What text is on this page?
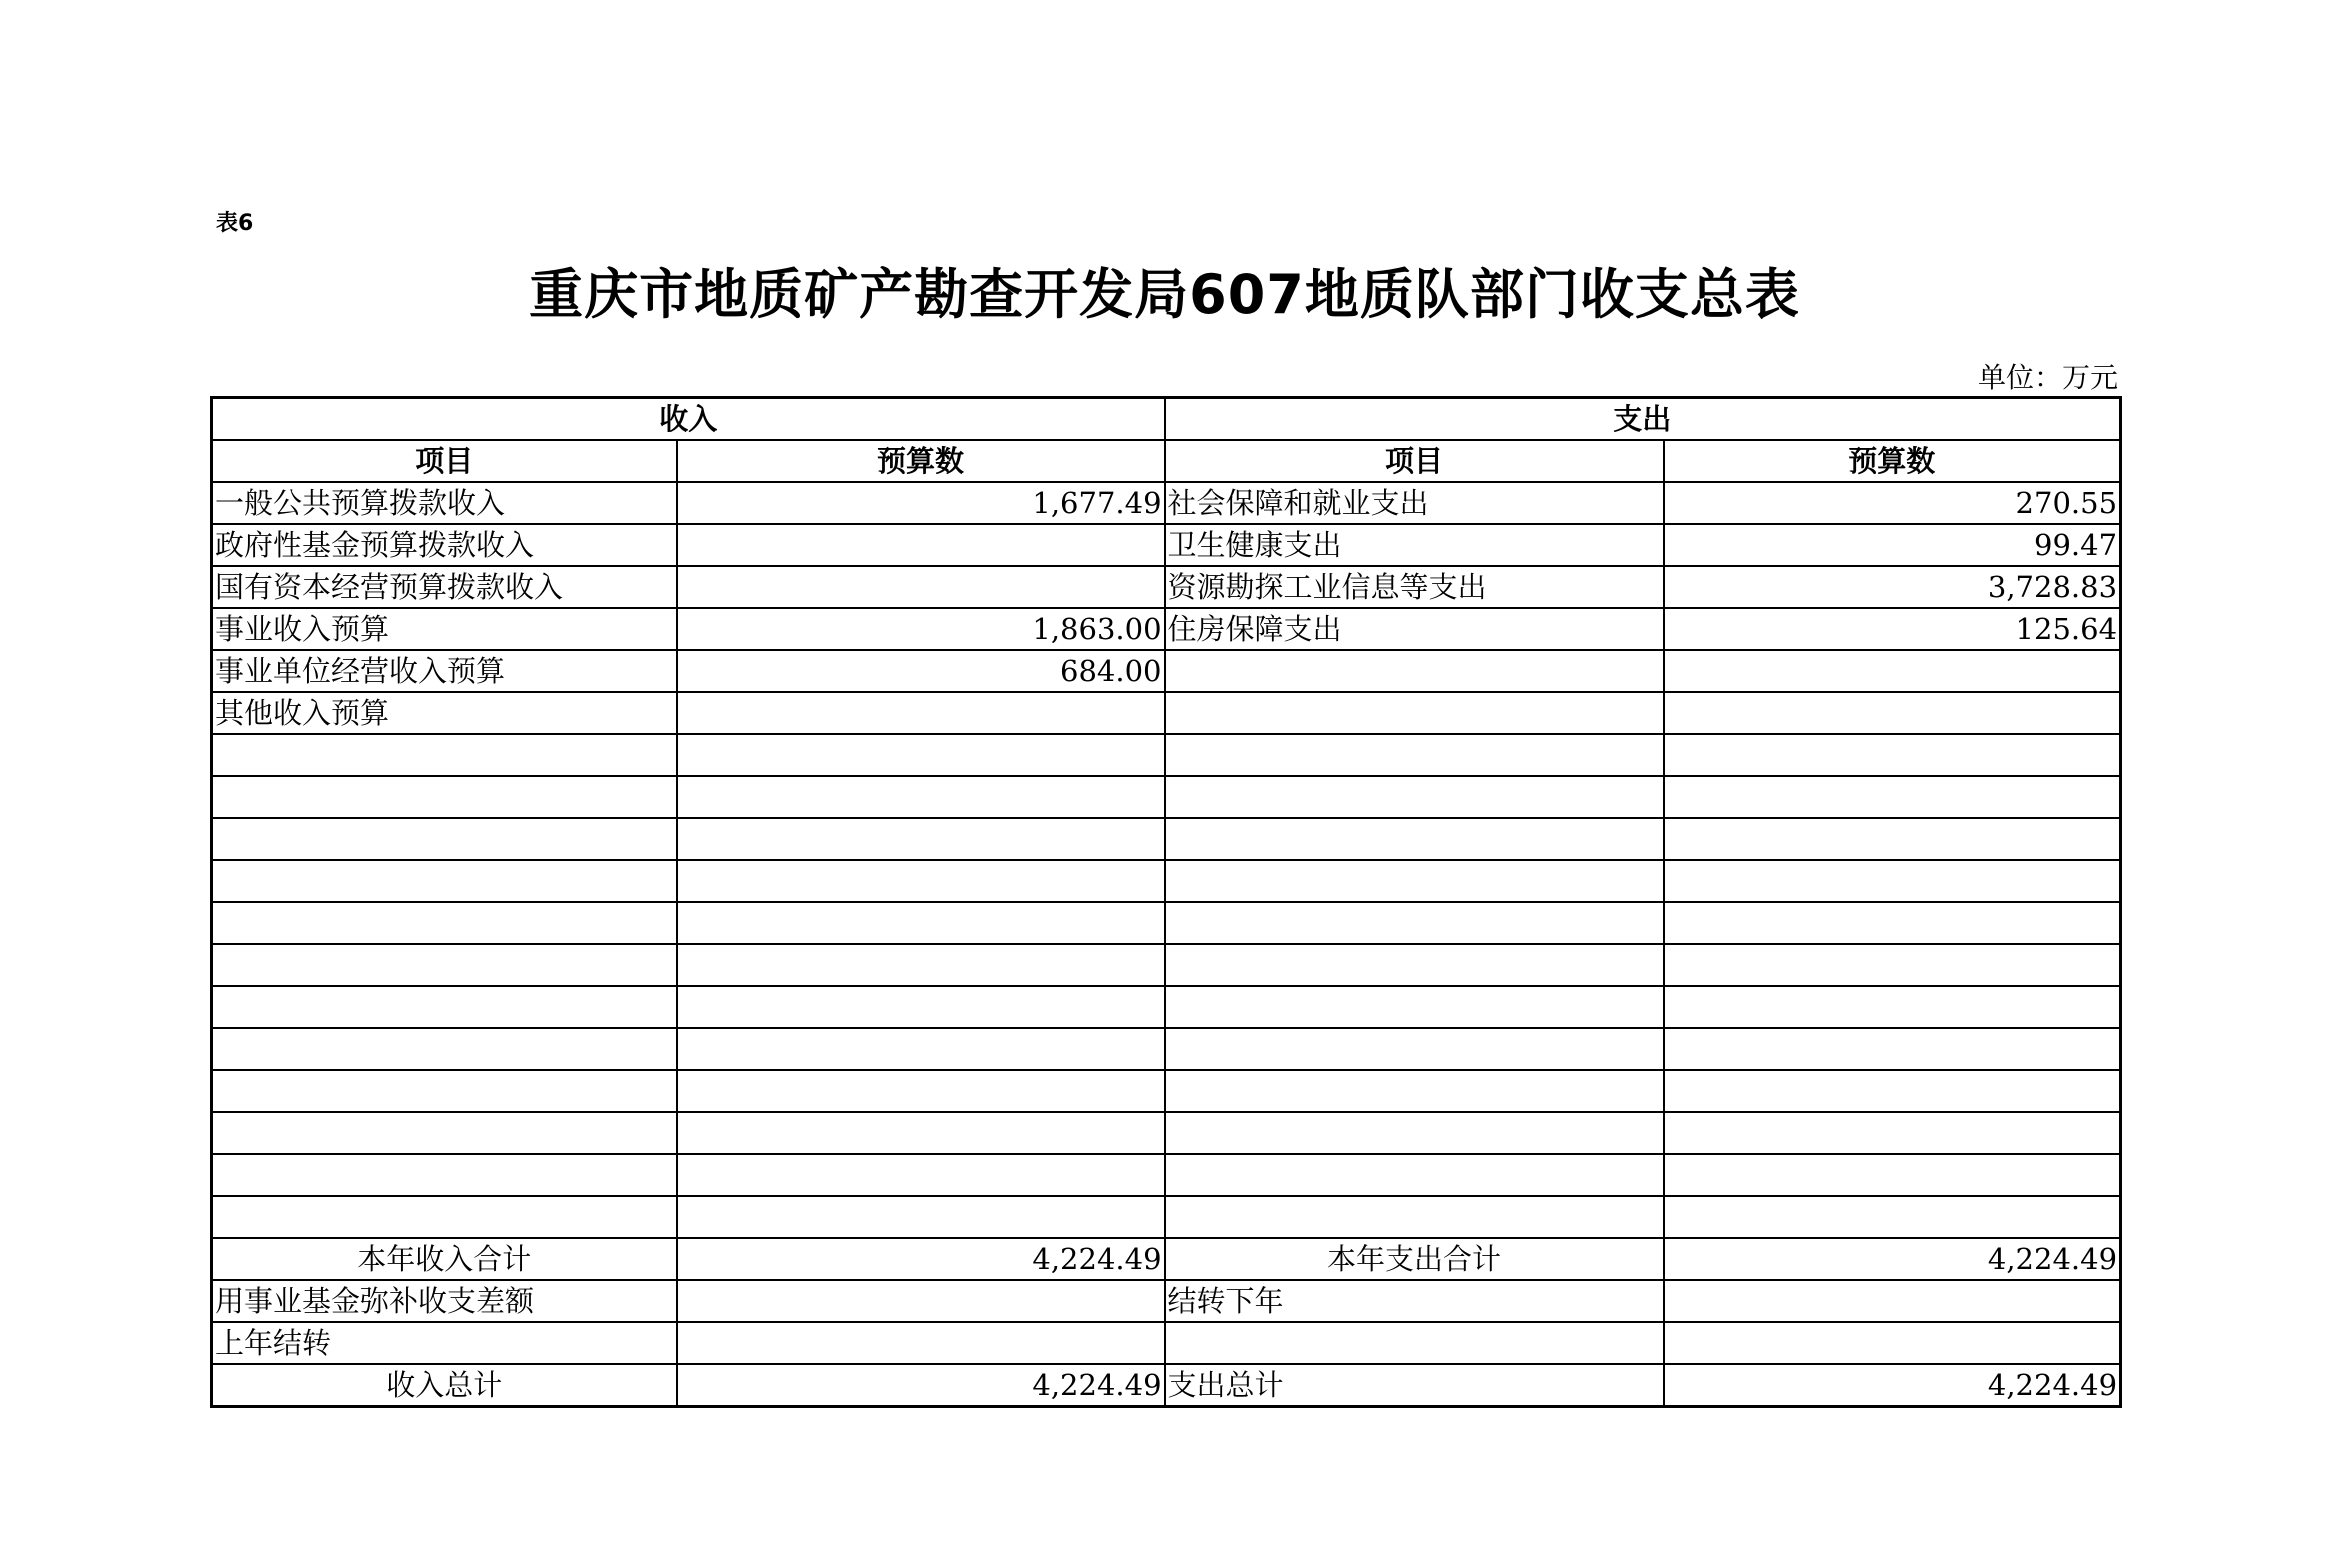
表6
重庆市地质矿产勘查开发局607地质队部门收支总表
单位：万元
收入		支出	
项目	预算数	项目	预算数
一般公共预算拨款收入	1,677.49	社会保障和就业支出	270.55
政府性基金预算拨款收入		卫生健康支出	99.47
国有资本经营预算拨款收入		资源勘探工业信息等支出	3,728.83
事业收入预算	1,863.00	住房保障支出	125.64
事业单位经营收入预算	684.00		
其他收入预算			

本年收入合计	4,224.49	本年支出合计	4,224.49
用事业基金弥补收支差额		结转下年	
上年结转			
收入总计	4,224.49	支出总计	4,224.49
